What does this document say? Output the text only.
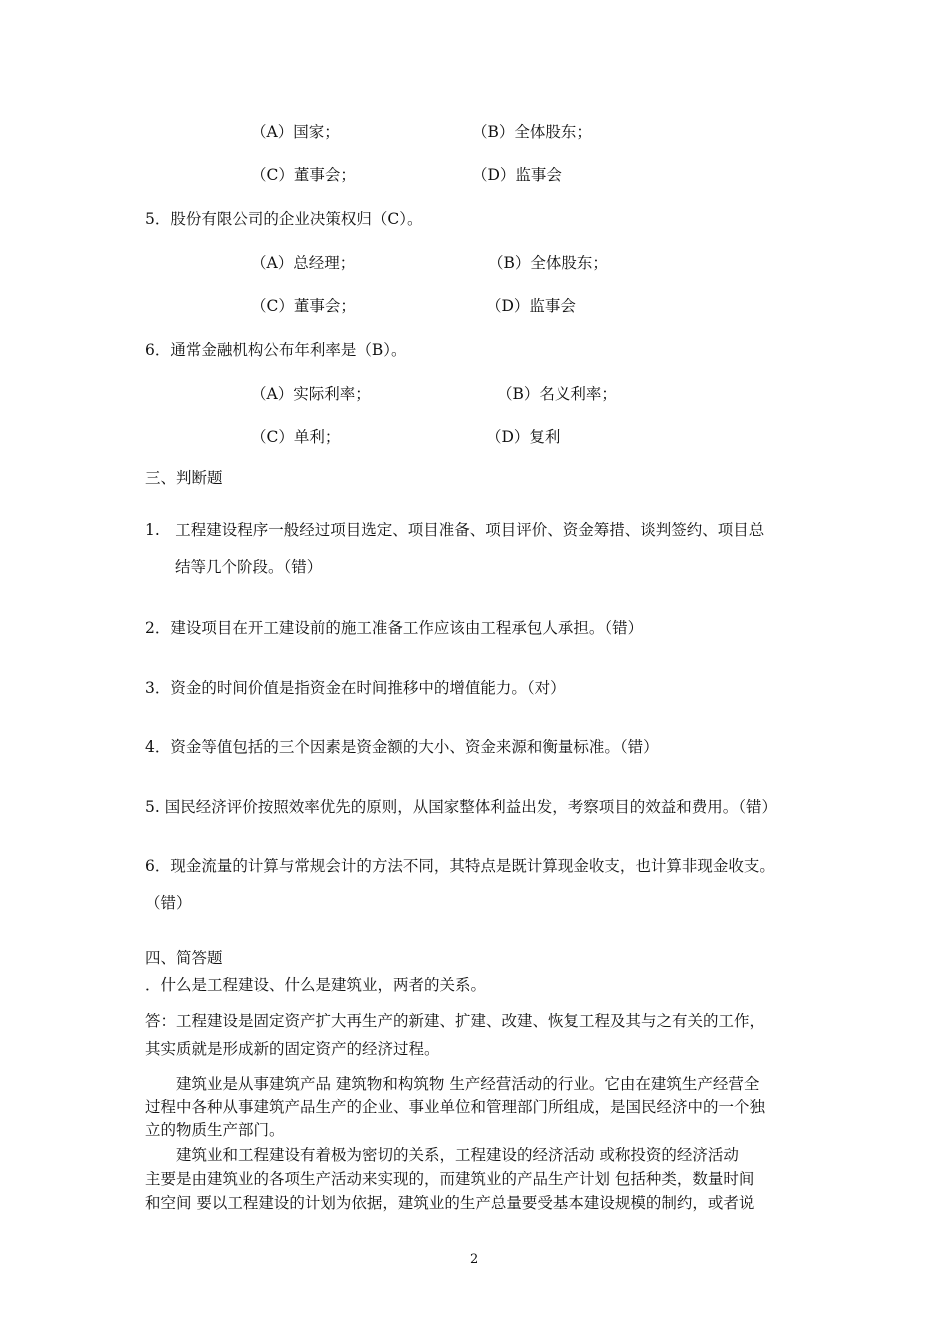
（A）国家；	（B）全体股东；
（C）董事会；	（D）监事会
5．股份有限公司的企业决策权归（C）。
（A）总经理；	（B）全体股东；
（C）董事会；	（D）监事会
6．通常金融机构公布年利率是（B）。
（A）实际利率；	（B）名义利率；
（C）单利；	（D）复利
三、判断题
1.　工程建设程序一般经过项目选定、项目准备、项目评价、资金筹措、谈判签约、项目总
结等几个阶段。（错）
2．建设项目在开工建设前的施工准备工作应该由工程承包人承担。（错）
3．资金的时间价值是指资金在时间推移中的增值能力。（对）
4．资金等值包括的三个因素是资金额的大小、资金来源和衡量标准。（错）
5. 国民经济评价按照效率优先的原则，从国家整体利益出发，考察项目的效益和费用。（错）
6．现金流量的计算与常规会计的方法不同，其特点是既计算现金收支，也计算非现金收支。
（错）
四、简答题
．什么是工程建设、什么是建筑业，两者的关系。
答：工程建设是固定资产扩大再生产的新建、扩建、改建、恢复工程及其与之有关的工作，
其实质就是形成新的固定资产的经济过程。
　　建筑业是从事建筑产品 建筑物和构筑物 生产经营活动的行业。它由在建筑生产经营全
过程中各种从事建筑产品生产的企业、事业单位和管理部门所组成，是国民经济中的一个独
立的物质生产部门。
　　建筑业和工程建设有着极为密切的关系，工程建设的经济活动 或称投资的经济活动
主要是由建筑业的各项生产活动来实现的，而建筑业的产品生产计划 包括种类，数量时间
和空间 要以工程建设的计划为依据，建筑业的生产总量要受基本建设规模的制约，或者说
2
